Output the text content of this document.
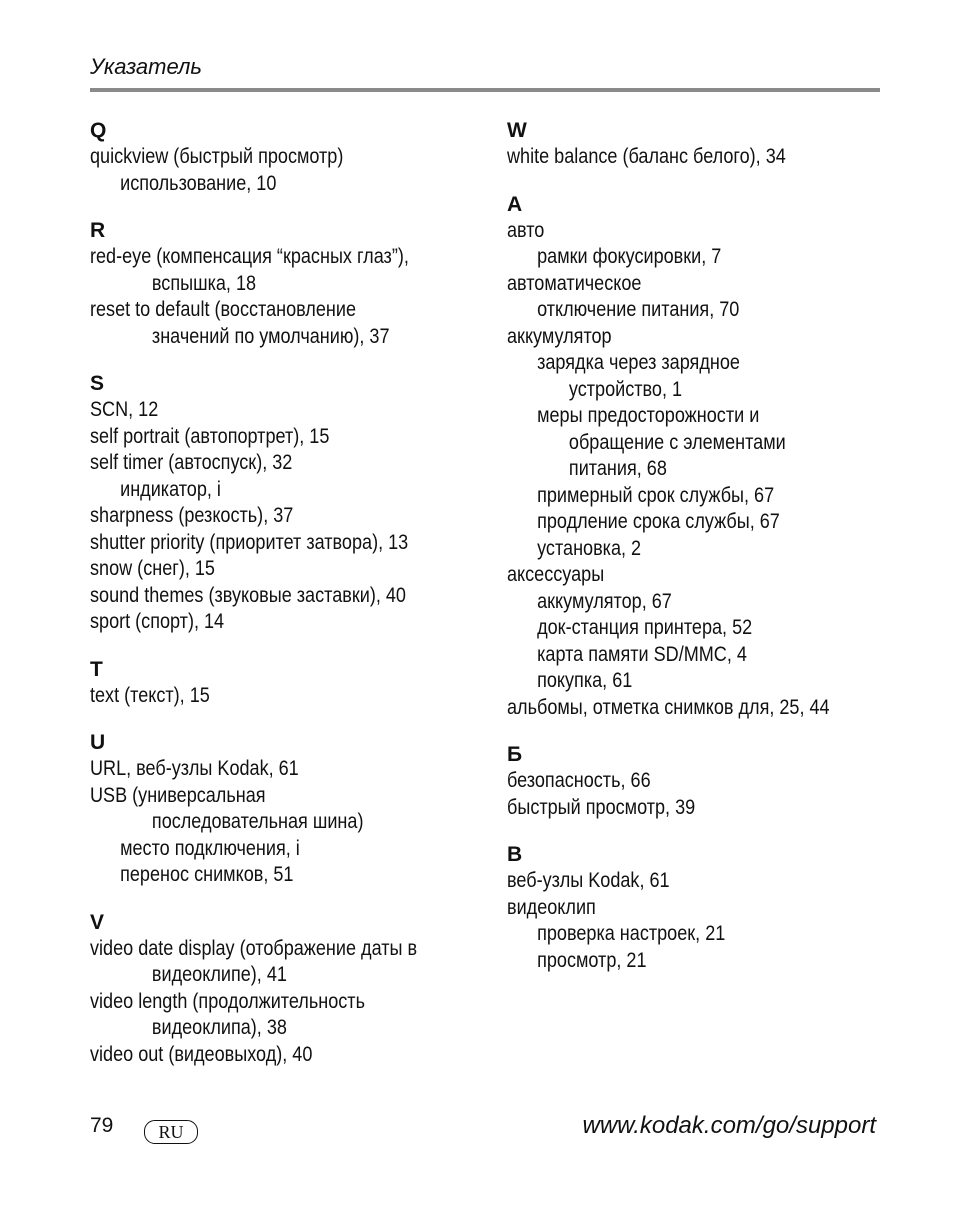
Указатель
Q
quickview (быстрый просмотр)
использование, 10
R
red-eye (компенсация “красных глаз”),
вспышка, 18
reset to default (восстановление
значений по умолчанию), 37
S
SCN, 12
self portrait (автопортрет), 15
self timer (автоспуск), 32
индикатор, i
sharpness (резкость), 37
shutter priority (приоритет затвора), 13
snow (снег), 15
sound themes (звуковые заставки), 40
sport (спорт), 14
T
text (текст), 15
U
URL, веб-узлы Kodak, 61
USB (универсальная
последовательная шина)
место подключения, i
перенос снимков, 51
V
video date display (отображение даты в
видеоклипе), 41
video length (продолжительность
видеоклипа), 38
video out (видеовыход), 40
W
white balance (баланс белого), 34
А
авто
рамки фокусировки, 7
автоматическое
отключение питания, 70
аккумулятор
зарядка через зарядное
устройство, 1
меры предосторожности и
обращение с элементами
питания, 68
примерный срок службы, 67
продление срока службы, 67
установка, 2
аксессуары
аккумулятор, 67
док-станция принтера, 52
карта памяти SD/MMC, 4
покупка, 61
альбомы, отметка снимков для, 25, 44
Б
безопасность, 66
быстрый просмотр, 39
В
веб-узлы Kodak, 61
видеоклип
проверка настроек, 21
просмотр, 21
79	RU	www.kodak.com/go/support
